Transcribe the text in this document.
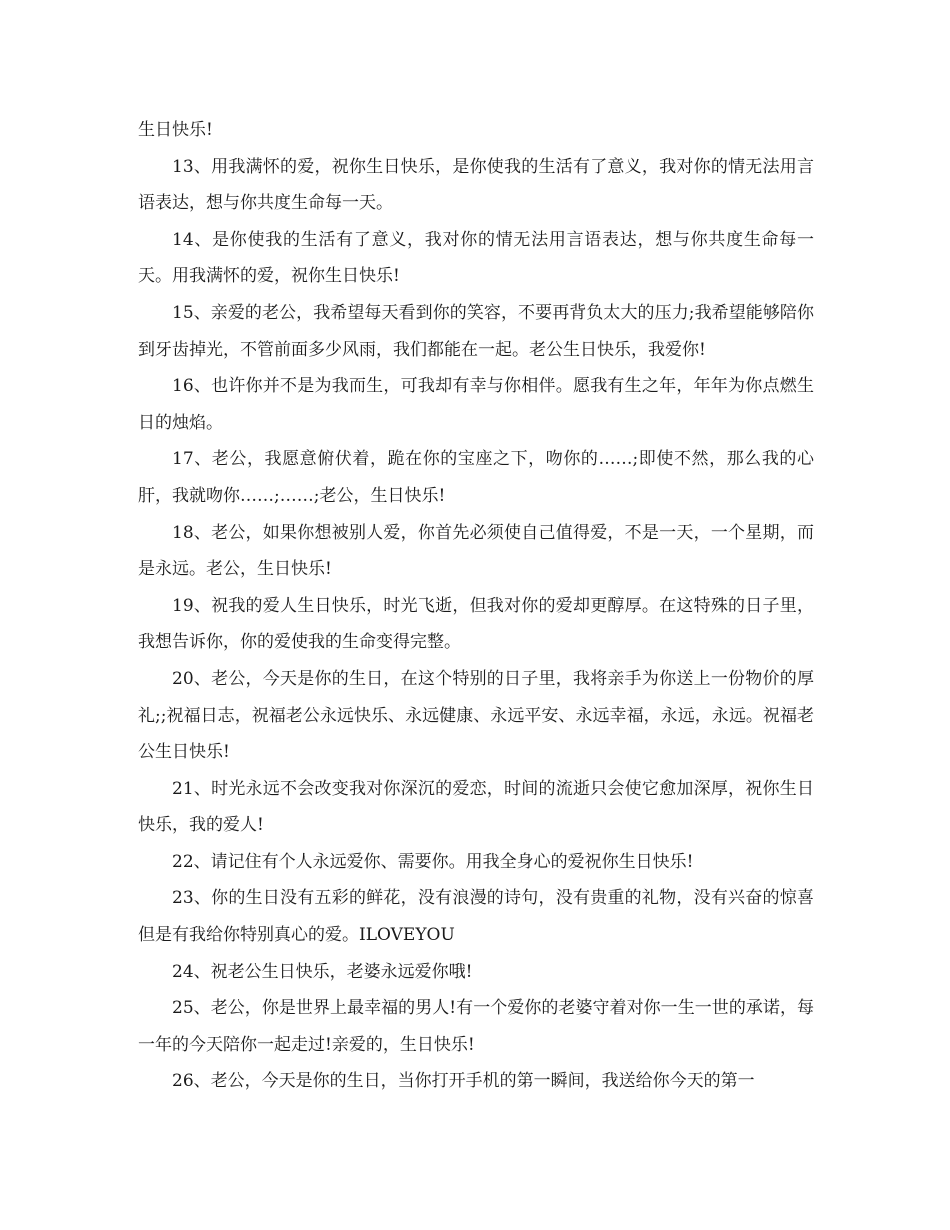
生日快乐!

13、用我满怀的爱，祝你生日快乐，是你使我的生活有了意义，我对你的情无法用言语表达，想与你共度生命每一天。

14、是你使我的生活有了意义，我对你的情无法用言语表达，想与你共度生命每一天。用我满怀的爱，祝你生日快乐!

15、亲爱的老公，我希望每天看到你的笑容，不要再背负太大的压力;我希望能够陪你到牙齿掉光，不管前面多少风雨，我们都能在一起。老公生日快乐，我爱你!

16、也许你并不是为我而生，可我却有幸与你相伴。愿我有生之年，年年为你点燃生日的烛焰。

17、老公，我愿意俯伏着，跪在你的宝座之下，吻你的……;即使不然，那么我的心肝，我就吻你……;……;老公，生日快乐!

18、老公，如果你想被别人爱，你首先必须使自己值得爱，不是一天，一个星期，而是永远。老公，生日快乐!

19、祝我的爱人生日快乐，时光飞逝，但我对你的爱却更醇厚。在这特殊的日子里，我想告诉你，你的爱使我的生命变得完整。

20、老公，今天是你的生日，在这个特别的日子里，我将亲手为你送上一份物价的厚礼;;祝福日志，祝福老公永远快乐、永远健康、永远平安、永远幸福，永远，永远。祝福老公生日快乐!

21、时光永远不会改变我对你深沉的爱恋，时间的流逝只会使它愈加深厚，祝你生日快乐，我的爱人!

22、请记住有个人永远爱你、需要你。用我全身心的爱祝你生日快乐!

23、你的生日没有五彩的鲜花，没有浪漫的诗句，没有贵重的礼物，没有兴奋的惊喜但是有我给你特别真心的爱。ILOVEYOU

24、祝老公生日快乐，老婆永远爱你哦!

25、老公，你是世界上最幸福的男人!有一个爱你的老婆守着对你一生一世的承诺，每一年的今天陪你一起走过!亲爱的，生日快乐!

26、老公，今天是你的生日，当你打开手机的第一瞬间，我送给你今天的第一
